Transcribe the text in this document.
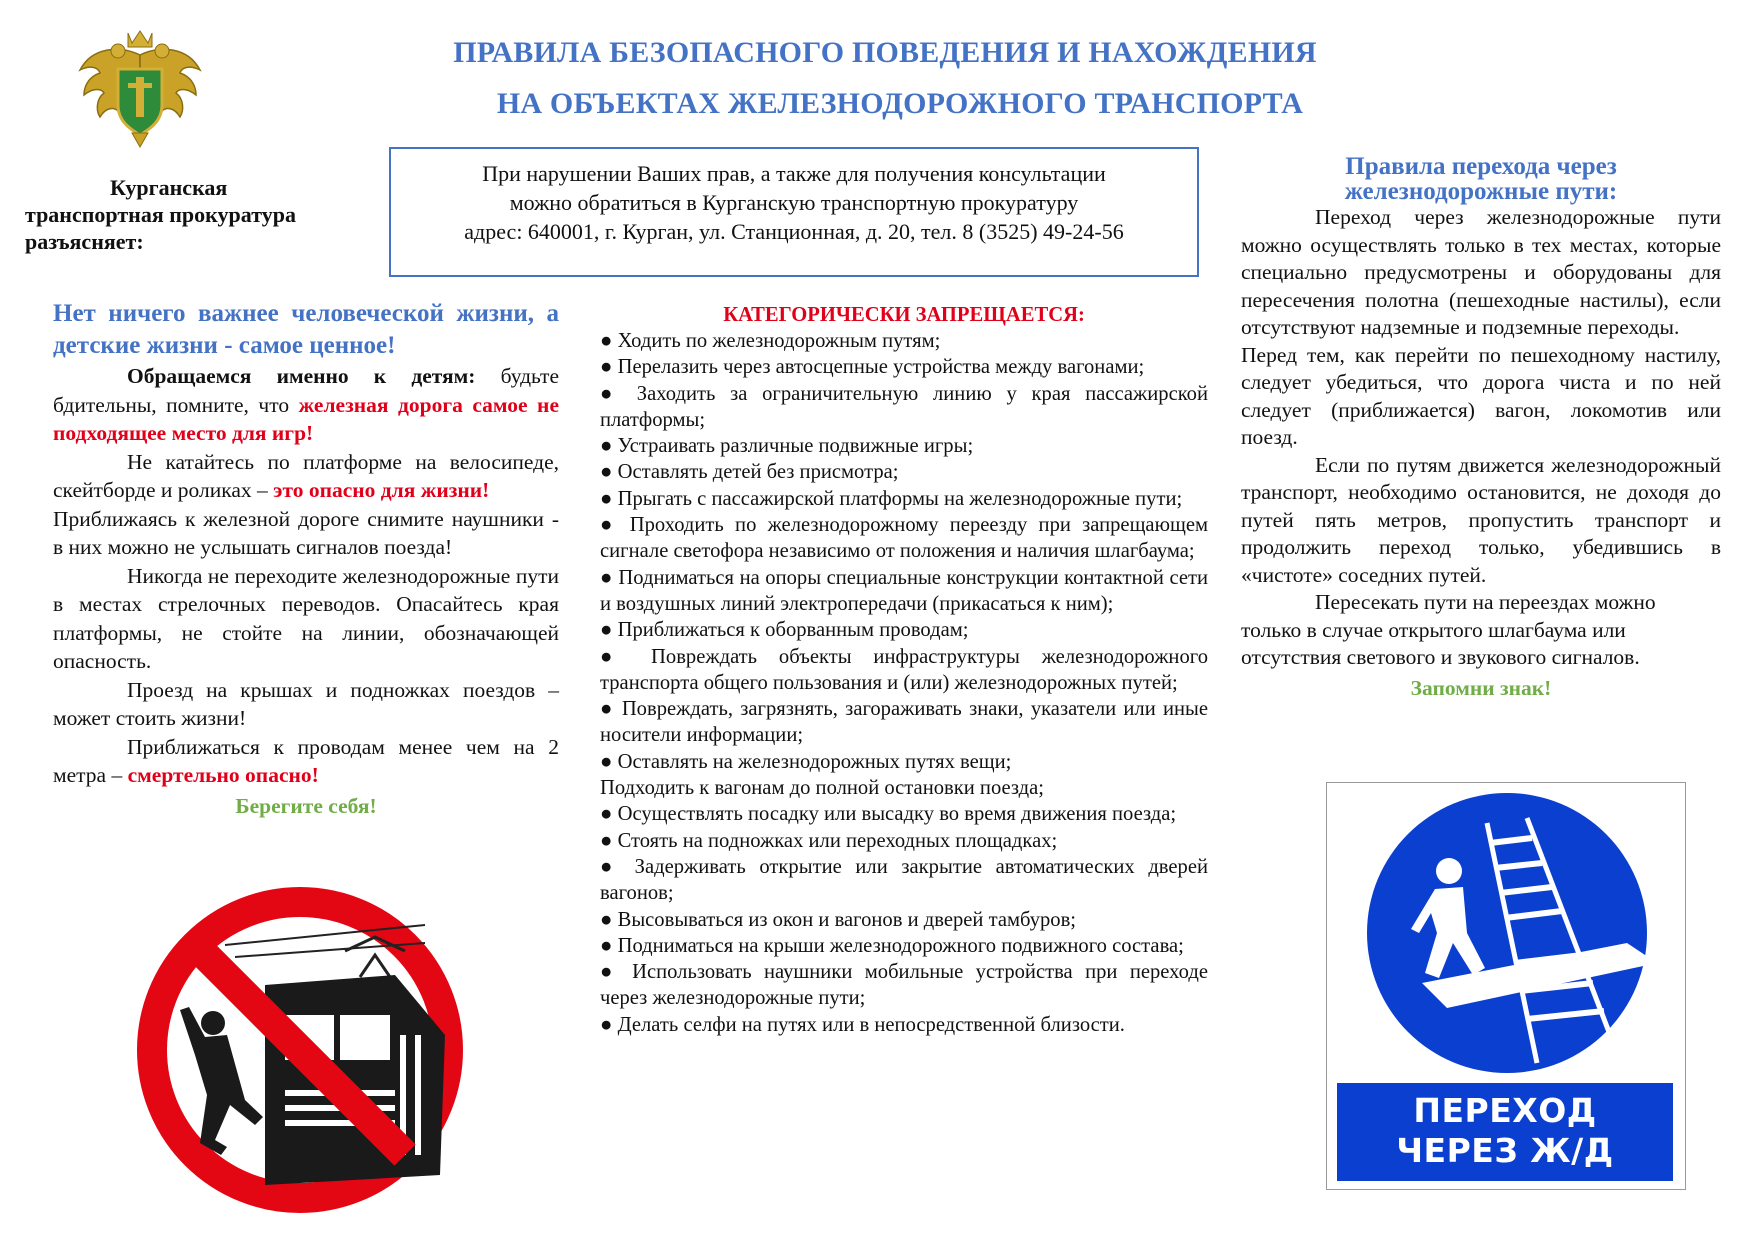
ПРАВИЛА БЕЗОПАСНОГО ПОВЕДЕНИЯ И НАХОЖДЕНИЯ
НА ОБЪЕКТАХ ЖЕЛЕЗНОДОРОЖНОГО ТРАНСПОРТА
Курганская
транспортная прокуратура
разъясняет:
При нарушении Ваших прав, а также для получения консультации
можно обратиться в Курганскую транспортную прокуратуру
адрес: 640001, г. Курган, ул. Станционная, д. 20, тел. 8 (3525) 49-24-56
Нет ничего важнее человеческой жизни, а детские жизни - самое ценное!

Обращаемся именно к детям: будьте бдительны, помните, что железная дорога самое не подходящее место для игр!

Не катайтесь по платформе на велосипеде, скейтборде и роликах – это опасно для жизни!

Приближаясь к железной дороге снимите наушники - в них можно не услышать сигналов поезда!

Никогда не переходите железнодорожные пути в местах стрелочных переводов. Опасайтесь края платформы, не стойте на линии, обозначающей опасность.

Проезд на крышах и подножках поездов – может стоить жизни!

Приближаться к проводам менее чем на 2 метра – смертельно опасно!

Берегите себя!
КАТЕГОРИЧЕСКИ ЗАПРЕЩАЕТСЯ:

● Ходить по железнодорожным путям;

● Перелазить через автосцепные устройства между вагонами;

● Заходить за ограничительную линию у края пассажирской платформы;

● Устраивать различные подвижные игры;

● Оставлять детей без присмотра;

● Прыгать с пассажирской платформы на железнодорожные пути;

● Проходить по железнодорожному переезду при запрещающем сигнале светофора независимо от положения и наличия шлагбаума;

● Подниматься на опоры специальные конструкции контактной сети и воздушных линий электропередачи (прикасаться к ним);

● Приближаться к оборванным проводам;

● Повреждать объекты инфраструктуры железнодорожного транспорта общего пользования и (или) железнодорожных путей;

● Повреждать, загрязнять, загораживать знаки, указатели или иные носители информации;

● Оставлять на железнодорожных путях вещи;

Подходить к вагонам до полной остановки поезда;

● Осуществлять посадку или высадку во время движения поезда;

● Стоять на подножках или переходных площадках;

● Задерживать открытие или закрытие автоматических дверей вагонов;

● Высовываться из окон и вагонов и дверей тамбуров;

● Подниматься на крыши железнодорожного подвижного состава;

● Использовать наушники мобильные устройства при переходе через железнодорожные пути;

● Делать селфи на путях или в непосредственной близости.

Правила перехода через
железнодорожные пути:

Переход через железнодорожные пути можно осуществлять только в тех местах, которые специально предусмотрены и оборудованы для пересечения полотна (пешеходные настилы), если отсутствуют надземные и подземные переходы.

Перед тем, как перейти по пешеходному настилу, следует убедиться, что дорога чиста и по ней следует (приближается) вагон, локомотив или поезд.

Если по путям движется железнодорожный транспорт, необходимо остановится, не доходя до путей пять метров, пропустить транспорт и продолжить переход только, убедившись в «чистоте» соседних путей.

Пересекать пути на переездах можно только в случае открытого шлагбаума или отсутствия светового и звукового сигналов.

Запомни знак!
ПЕРЕХОД
ЧЕРЕЗ Ж/Д
